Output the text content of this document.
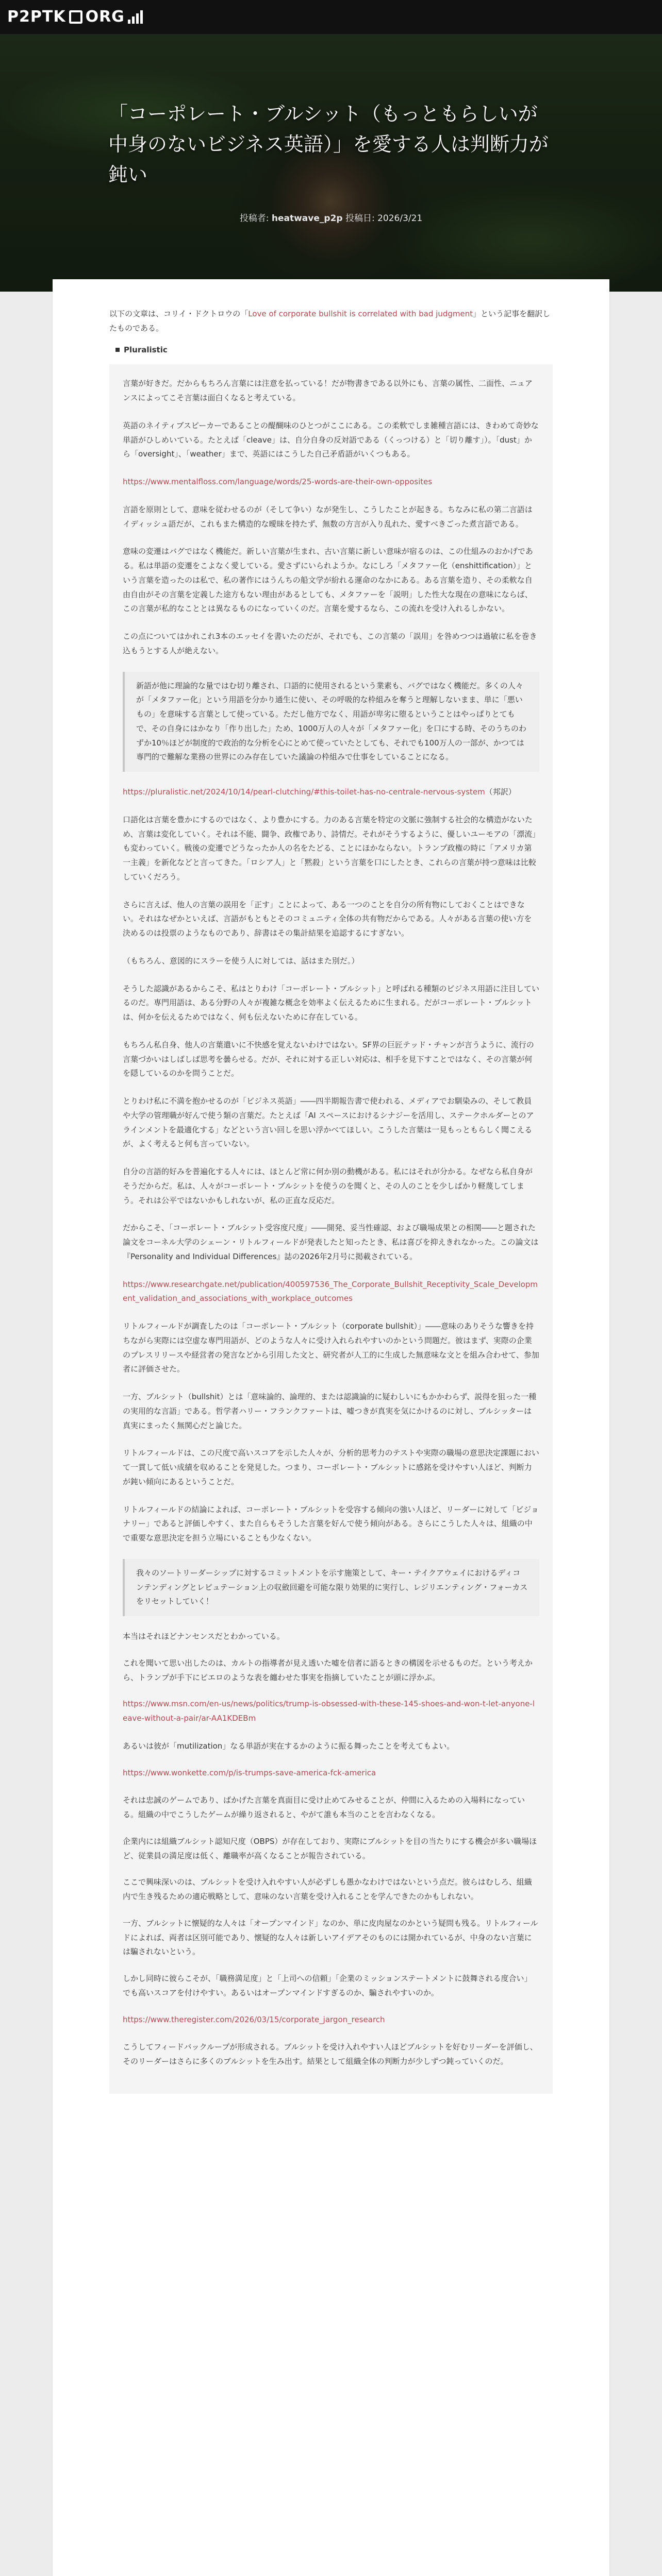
P2PTK ORG
「コーポレート・ブルシット（もっともらしいが中身のないビジネス英語）」を愛する人は判断力が鈍い
投稿者: heatwave_p2p 投稿日: 2026/3/21

以下の文章は、コリイ・ドクトロウの「Love of corporate bullshit is correlated with bad judgment」という記事を翻訳したものである。

Pluralistic

言葉が好きだ。だからもちろん言葉には注意を払っている！だが物書きである以外にも、言葉の属性、二面性、ニュアンスによってこそ言葉は面白くなると考えている。

英語のネイティブスピーカーであることの醍醐味のひとつがここにある。この柔軟でしま雑種言語には、きわめて奇妙な単語がひしめいている。たとえば「cleave」は、自分自身の反対語である（くっつける）と「切り離す」）。「dust」から「oversight」、「weather」まで、英語にはこうした自己矛盾語がいくつもある。

https://www.mentalfloss.com/language/words/25-words-are-their-own-opposites

言語を原則として、意味を従わせるのが（そして争い）なが発生し、こうしたことが起きる。ちなみに私の第二言語はイディッシュ語だが、これもまた構造的な曖昧を持たず、無数の方言が入り乱れた、愛すべきごった煮言語である。

意味の変遷はバグではなく機能だ。新しい言葉が生まれ、古い言葉に新しい意味が宿るのは、この仕組みのおかげである。私は単語の変遷をこよなく愛している。愛さずにいられようか。なにしろ「メタファー化（enshittification）」という言葉を造ったのは私で、私の著作にはうんちの船文学が紛れる運命のなかにある。ある言葉を造り、その柔軟な自由自由がその言葉を定義した途方もない理由があるとしても、メタファーを「説明」した性大な現在の意味にならば、この言葉が私的なこととは異なるものになっていくのだ。言葉を愛するなら、この流れを受け入れるしかない。

この点についてはかれこれ3本のエッセイを書いたのだが、それでも、この言葉の「誤用」を咎めつつは過敏に私を巻き込もうとする人が絶えない。

新語が他に理論的な量ではむ切り離され、口語的に使用されるという業素も、バグではなく機能だ。多くの人々が「メタファー化」という用語を分かり通生に使い、その呼吸的な枠組みを奪うと理解しないまま、単に「悪いもの」を意味する言葉として使っている。ただし他方でなく、用語が卑劣に堕るということはやっぱりとてもで、その自身にはかなり「作り出した」ため、1000万人の人々が「メタファー化」を口にする時、そのうちのわずか10％ほどが制度的で政治的な分析を心にとめて使っていたとしても、それでも100万人の一部が、かつては専門的で難解な業務の世界にのみ存在していた議論の枠組みで仕事をしていることになる。

https://pluralistic.net/2024/10/14/pearl-clutching/#this-toilet-has-no-centrale-nervous-system（邦訳）

口語化は言葉を豊かにするのではなく、より豊かにする。力のある言葉を特定の文脈に強制する社会的な構造がないため、言葉は変化していく。それは不能、闘争、政権であり、詩情だ。それがそうするように、優しいユーモアの「漂流」も変わっていく。戦後の変遷でどうなったか人の名をたどる、ことにほかならない。トランプ政権の時に「アメリカ第一主義」を新化などと言ってきた。「ロシア人」と「黙殺」という言葉を口にしたとき、これらの言葉が持つ意味は比較していくだろう。

さらに言えば、他人の言葉の誤用を「正す」ことによって、ある一つのことを自分の所有物にしておくことはできない。それはなぜかといえば、言語がもともとそのコミュニティ全体の共有物だからである。人々がある言葉の使い方を決めるのは投票のようなものであり、辞書はその集計結果を追認するにすぎない。

（もちろん、意図的にスラーを使う人に対しては、話はまた別だ。）

そうした認識があるからこそ、私はとりわけ「コーポレート・ブルシット」と呼ばれる種類のビジネス用語に注目しているのだ。専門用語は、ある分野の人々が複雑な概念を効率よく伝えるために生まれる。だがコーポレート・ブルシットは、何かを伝えるためではなく、何も伝えないために存在している。

もちろん私自身、他人の言葉遣いに不快感を覚えないわけではない。SF界の巨匠テッド・チャンが言うように、流行の言葉づかいはしばしば思考を曇らせる。だが、それに対する正しい対応は、相手を見下すことではなく、その言葉が何を隠しているのかを問うことだ。

とりわけ私に不満を抱かせるのが「ビジネス英語」――四半期報告書で使われる、メディアでお馴染みの、そして教員や大学の管理職が好んで使う類の言葉だ。たとえば「AI スペースにおけるシナジーを活用し、ステークホルダーとのアラインメントを最適化する」などという言い回しを思い浮かべてほしい。こうした言葉は一見もっともらしく聞こえるが、よく考えると何も言っていない。

自分の言語的好みを普遍化する人々には、ほとんど常に何か別の動機がある。私にはそれが分かる。なぜなら私自身がそうだからだ。私は、人々がコーポレート・ブルシットを使うのを聞くと、その人のことを少しばかり軽蔑してしまう。それは公平ではないかもしれないが、私の正直な反応だ。

だからこそ、「コーポレート・ブルシット受容度尺度」――開発、妥当性確認、および職場成果との相関――と題された論文をコーネル大学のシェーン・リトルフィールドが発表したと知ったとき、私は喜びを抑えきれなかった。この論文は『Personality and Individual Differences』誌の2026年2月号に掲載されている。

https://www.researchgate.net/publication/400597536_The_Corporate_Bullshit_Receptivity_Scale_Development_validation_and_associations_with_workplace_outcomes

リトルフィールドが調査したのは「コーポレート・ブルシット（corporate bullshit）」――意味のありそうな響きを持ちながら実際には空虚な専門用語が、どのような人々に受け入れられやすいのかという問題だ。彼はまず、実際の企業のプレスリリースや経営者の発言などから引用した文と、研究者が人工的に生成した無意味な文とを組み合わせて、参加者に評価させた。

一方、ブルシット（bullshit）とは「意味論的、論理的、または認識論的に疑わしいにもかかわらず、説得を狙った一種の実用的な言語」である。哲学者ハリー・フランクファートは、嘘つきが真実を気にかけるのに対し、ブルシッターは真実にまったく無関心だと論じた。

リトルフィールドは、この尺度で高いスコアを示した人々が、分析的思考力のテストや実際の職場の意思決定課題において一貫して低い成績を収めることを発見した。つまり、コーポレート・ブルシットに感銘を受けやすい人ほど、判断力が鈍い傾向にあるということだ。

リトルフィールドの結論によれば、コーポレート・ブルシットを受容する傾向の強い人ほど、リーダーに対して「ビジョナリー」であると評価しやすく、また自らもそうした言葉を好んで使う傾向がある。さらにこうした人々は、組織の中で重要な意思決定を担う立場にいることも少なくない。

我々のソートリーダーシップに対するコミットメントを示す施策として、キー・テイクアウェイにおけるディコンテンディングとレピュテーション上の収斂回避を可能な限り効果的に実行し、レジリエンティング・フォーカスをリセットしていく！

本当はそれほどナンセンスだとわかっている。

これを聞いて思い出したのは、カルトの指導者が見え透いた嘘を信者に語るときの構図を示せるものだ。という考えから、トランプが手下にピエロのような表を纏わせた事実を指摘していたことが頭に浮かぶ。

https://www.msn.com/en-us/news/politics/trump-is-obsessed-with-these-145-shoes-and-won-t-let-anyone-leave-without-a-pair/ar-AA1KDEBm

あるいは彼が「mutilization」なる単語が実在するかのように振る舞ったことを考えてもよい。

https://www.wonkette.com/p/is-trumps-save-america-fck-america

それは忠誠のゲームであり、ばかげた言葉を真面目に受け止めてみせることが、仲間に入るための入場料になっている。組織の中でこうしたゲームが繰り返されると、やがて誰も本当のことを言わなくなる。

企業内には組織ブルシット認知尺度（OBPS）が存在しており、実際にブルシットを目の当たりにする機会が多い職場ほど、従業員の満足度は低く、離職率が高くなることが報告されている。

ここで興味深いのは、ブルシットを受け入れやすい人が必ずしも愚かなわけではないという点だ。彼らはむしろ、組織内で生き残るための適応戦略として、意味のない言葉を受け入れることを学んできたのかもしれない。

一方、ブルシットに懐疑的な人々は「オープンマインド」なのか、単に皮肉屋なのかという疑問も残る。リトルフィールドによれば、両者は区別可能であり、懐疑的な人々は新しいアイデアそのものには開かれているが、中身のない言葉には騙されないという。

しかし同時に彼らこそが、「職務満足度」と「上司への信頼」「企業のミッションステートメントに鼓舞される度合い」でも高いスコアを付けやすい。あるいはオープンマインドすぎるのか、騙されやすいのか。

https://www.theregister.com/2026/03/15/corporate_jargon_research

こうしてフィードバックループが形成される。ブルシットを受け入れやすい人ほどブルシットを好むリーダーを評価し、そのリーダーはさらに多くのブルシットを生み出す。結果として組織全体の判断力が少しずつ鈍っていくのだ。
